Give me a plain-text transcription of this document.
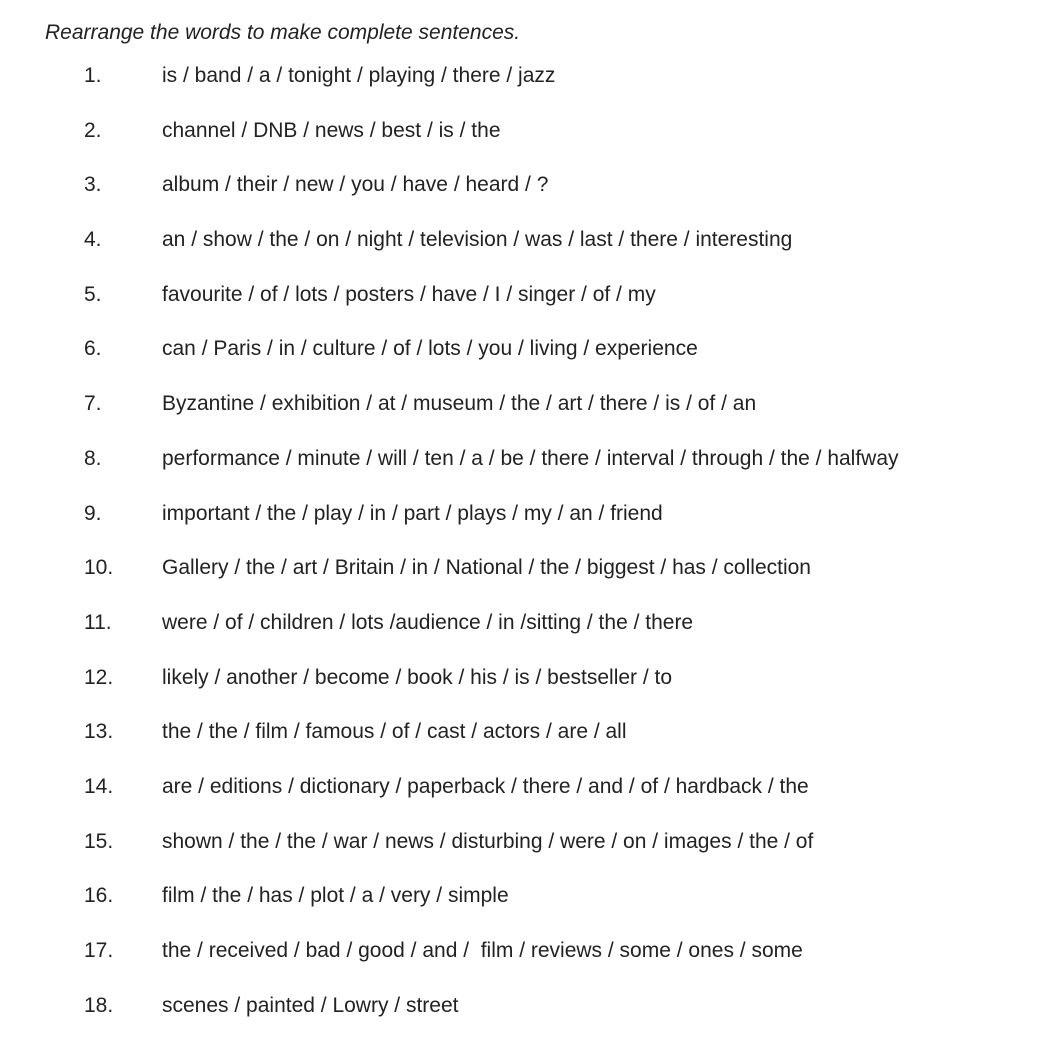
Rearrange the words to make complete sentences.

1.	is / band / a / tonight / playing / there / jazz
2.	channel / DNB / news / best / is / the
3.	album / their / new / you / have / heard / ?
4.	an / show / the / on / night / television / was / last / there / interesting
5.	favourite / of / lots / posters / have / I / singer / of / my
6.	can / Paris / in / culture / of / lots / you / living / experience
7.	Byzantine / exhibition / at / museum / the / art / there / is / of / an
8.	performance / minute / will / ten / a / be / there / interval / through / the / halfway
9.	important / the / play / in / part / plays / my / an / friend
10. Gallery / the / art / Britain / in / National / the / biggest / has / collection
11. were / of / children / lots /audience / in /sitting / the / there
12. likely / another / become / book / his / is / bestseller / to
13. the / the / film / famous / of / cast / actors / are / all
14. are / editions / dictionary / paperback / there / and / of / hardback / the
15. shown / the / the / war / news / disturbing / were / on / images / the / of
16. film / the / has / plot / a / very / simple
17. the / received / bad / good / and /  film / reviews / some / ones / some
18. scenes / painted / Lowry / street
